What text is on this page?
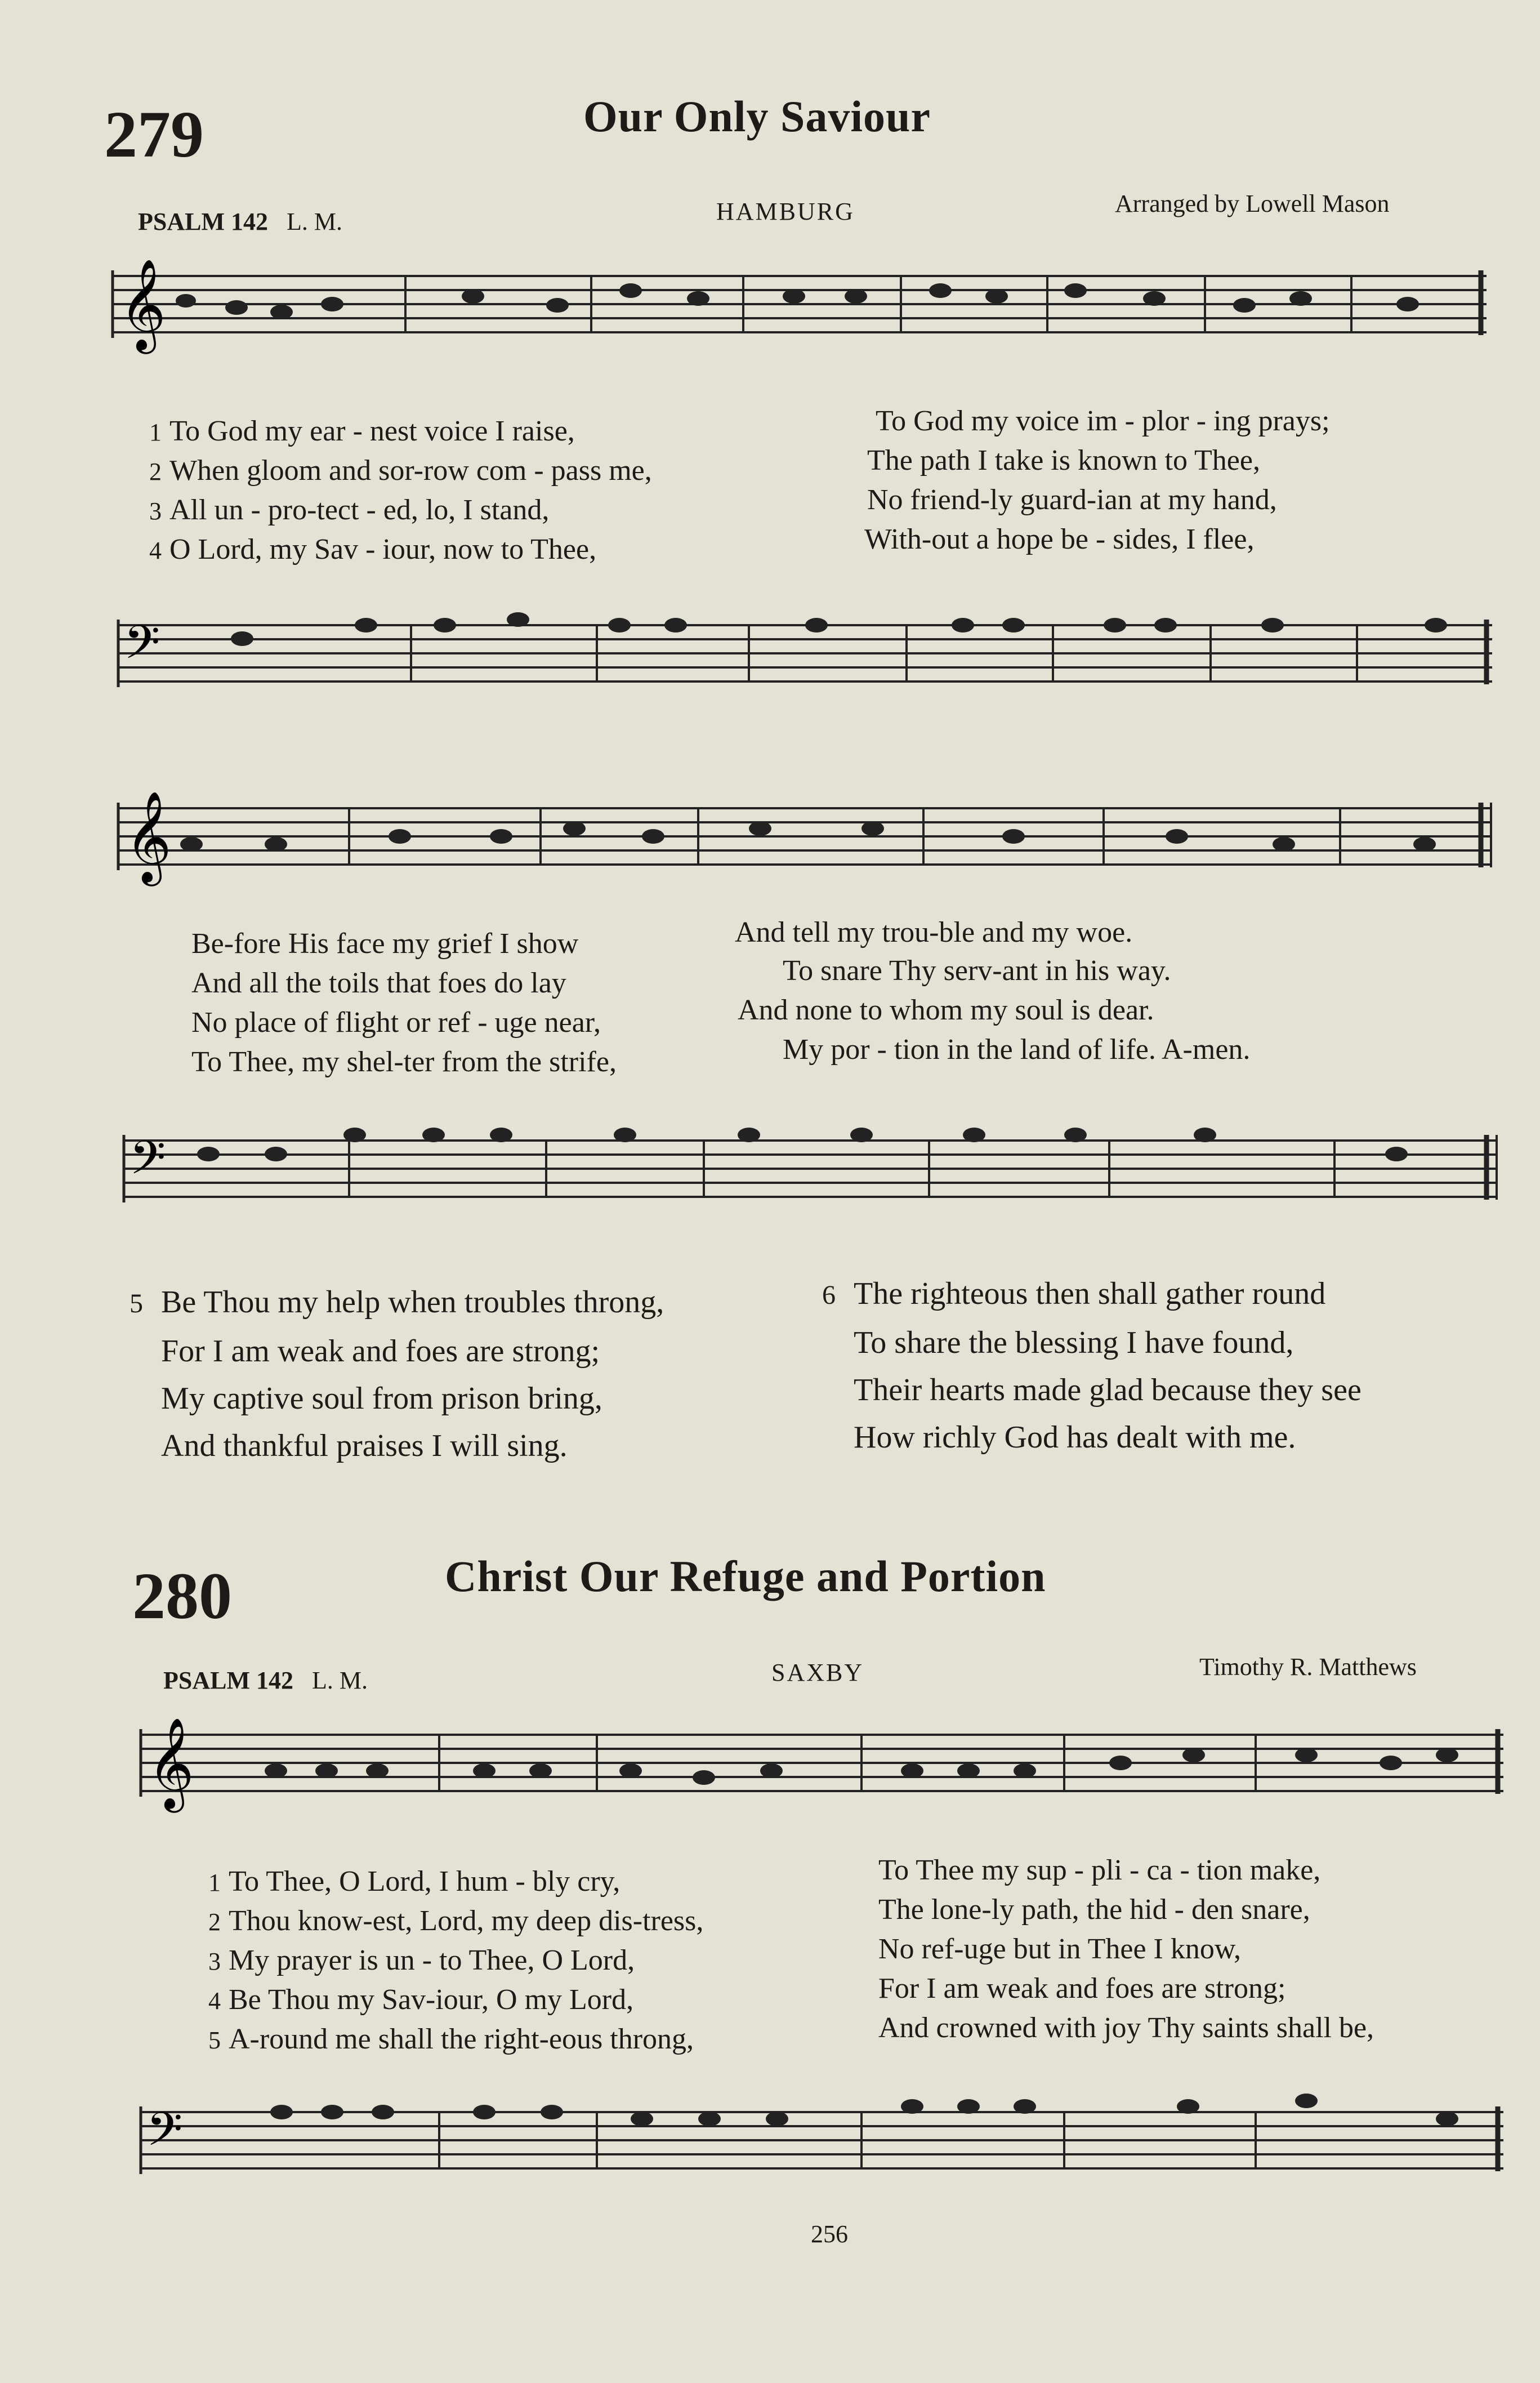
279	Our Only Saviour
PSALM 142 L. M.	HAMBURG	Arranged by Lowell Mason
𝄞
1 To God my ear - nest voice I raise,	To God my voice im - plor - ing prays;
2 When gloom and sor-row com - pass me,	The path I take is known to Thee,
3 All un - pro-tect - ed, lo, I stand,	No friend-ly guard-ian at my hand,
4 O Lord, my Sav - iour, now to Thee,	With-out a hope be - sides, I flee,
𝄢
𝄞
Be-fore His face my grief I show	And tell my trou-ble and my woe.
And all the toils that foes do lay	To snare Thy serv-ant in his way.
No place of flight or ref - uge near,	And none to whom my soul is dear.
To Thee, my shel-ter from the strife,	My por - tion in the land of life. A-men.
𝄢
5 Be Thou my help when troubles throng,
For I am weak and foes are strong;
My captive soul from prison bring,
And thankful praises I will sing.
6 The righteous then shall gather round
To share the blessing I have found,
Their hearts made glad because they see
How richly God has dealt with me.
280	Christ Our Refuge and Portion
PSALM 142 L. M.	SAXBY	Timothy R. Matthews
𝄞
1 To Thee, O Lord, I hum - bly cry,	To Thee my sup - pli - ca - tion make,
2 Thou know-est, Lord, my deep dis-tress,	The lone-ly path, the hid - den snare,
3 My prayer is un - to Thee, O Lord,	No ref-uge but in Thee I know,
4 Be Thou my Sav-iour, O my Lord,	For I am weak and foes are strong;
5 A-round me shall the right-eous throng,	And crowned with joy Thy saints shall be,
𝄢
256
